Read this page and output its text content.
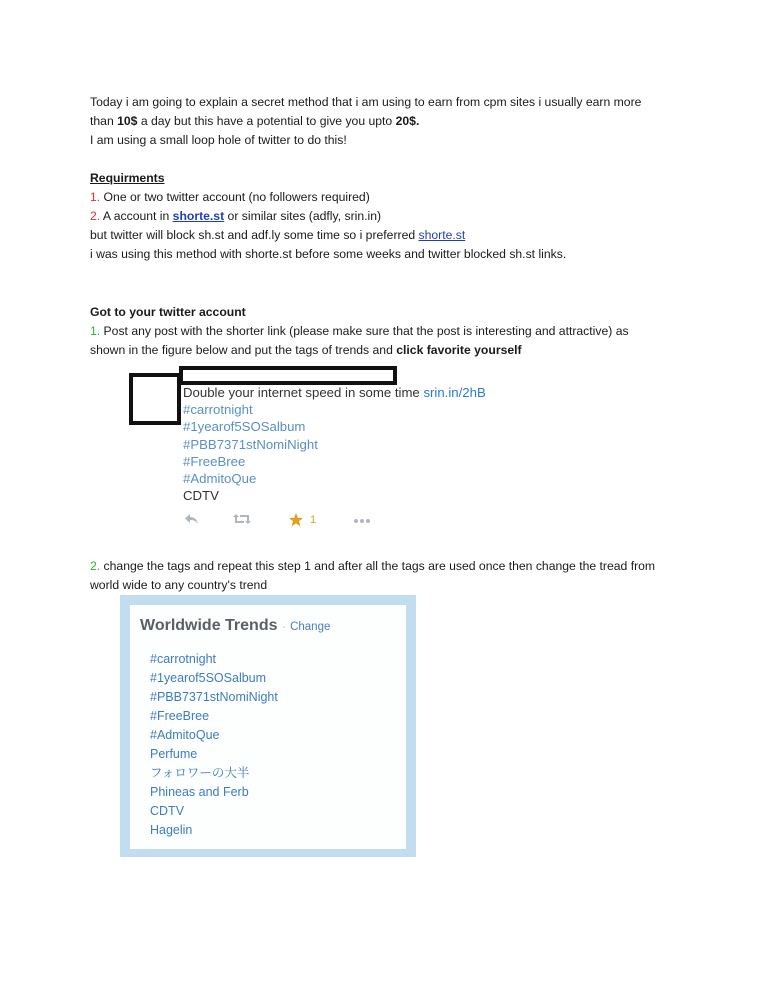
Today i am going to explain a secret method that i am using to earn from cpm sites i usually earn more
than 10$ a day but this have a potential to give you upto 20$.
I am using a small loop hole of twitter to do this!
Requirments
1. One or two twitter account (no followers required)
2. A account in shorte.st or similar sites (adfly, srin.in)
but twitter will block sh.st and adf.ly some time so i preferred shorte.st
i was using this method with shorte.st before some weeks and twitter blocked sh.st links.
Got to your twitter account
1. Post any post with the shorter link (please make sure that the post is interesting and attractive) as
shown in the figure below and put the tags of trends and click favorite yourself
Double your internet speed in some time srin.in/2hB
#carrotnight
#1yearof5SOSalbum
#PBB7371stNomiNight
#FreeBree
#AdmitoQue
CDTV
1
2. change the tags and repeat this step 1 and after all the tags are used once then change the tread from
world wide to any country's trend
Worldwide Trends · Change
#carrotnight
#1yearof5SOSalbum
#PBB7371stNomiNight
#FreeBree
#AdmitoQue
Perfume
フォロワーの大半
Phineas and Ferb
CDTV
Hagelin
